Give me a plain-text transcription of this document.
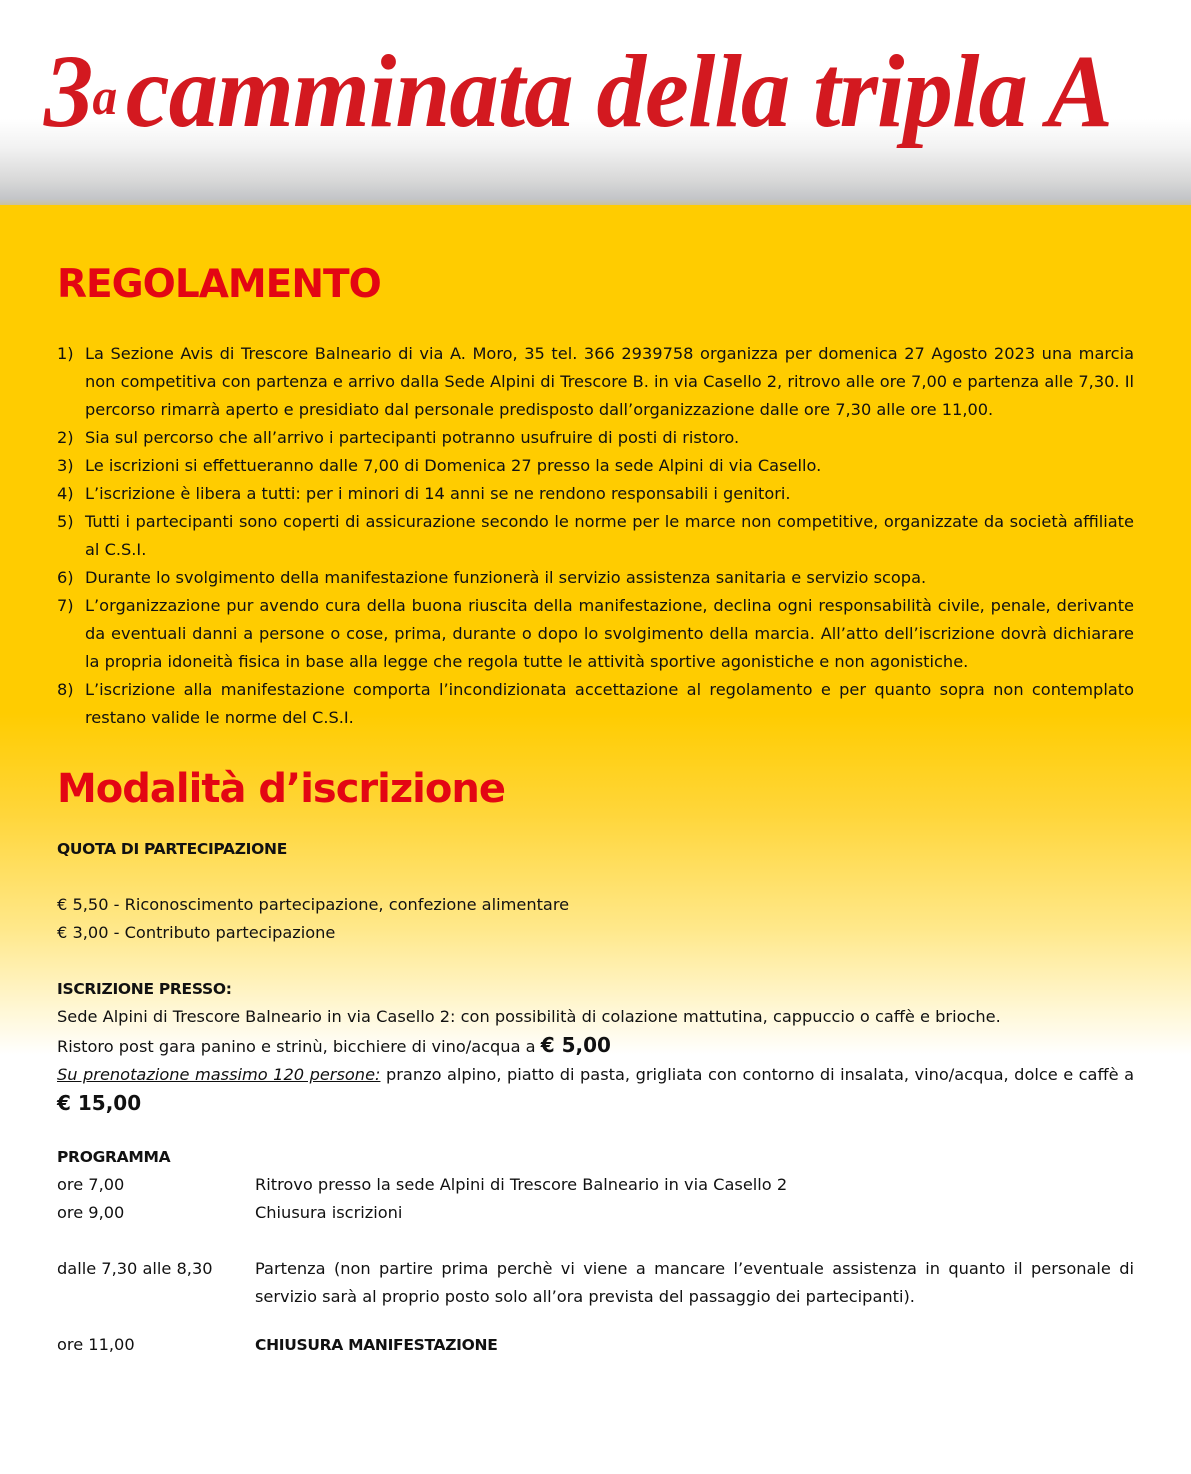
3$^a$camminata della tripla A
REGOLAMENTO
1) La Sezione Avis di Trescore Balneario di via A. Moro, 35 tel. 366 2939758 organizza per domenica 27 Agosto 2023 una marcia non competitiva con partenza e arrivo dalla Sede Alpini di Trescore B. in via Casello 2, ritrovo alle ore 7,00 e partenza alle 7,30. Il percorso rimarrà aperto e presidiato dal personale predisposto dall’organizzazione dalle ore 7,30 alle ore 11,00.
2) Sia sul percorso che all’arrivo i partecipanti potranno usufruire di posti di ristoro.
3) Le iscrizioni si effettueranno dalle 7,00 di Domenica 27 presso la sede Alpini di via Casello.
4) L’iscrizione è libera a tutti: per i minori di 14 anni se ne rendono responsabili i genitori.
5) Tutti i partecipanti sono coperti di assicurazione secondo le norme per le marce non competitive, organizzate da società affiliate al C.S.I.
6) Durante lo svolgimento della manifestazione funzionerà il servizio assistenza sanitaria e servizio scopa.
7) L’organizzazione pur avendo cura della buona riuscita della manifestazione, declina ogni responsabilità civile, penale, derivante da eventuali danni a persone o cose, prima, durante o dopo lo svolgimento della marcia. All’atto dell’iscrizione dovrà dichiarare la propria idoneità fisica in base alla legge che regola tutte le attività sportive agonistiche e non agonistiche.
8) L’iscrizione alla manifestazione comporta l’incondizionata accettazione al regolamento e per quanto sopra non contemplato restano valide le norme del C.S.I.
Modalità d’iscrizione
QUOTA DI PARTECIPAZIONE
€ 5,50 - Riconoscimento partecipazione, confezione alimentare
€ 3,00 - Contributo partecipazione
ISCRIZIONE PRESSO:
Sede Alpini di Trescore Balneario in via Casello 2: con possibilità di colazione mattutina, cappuccio o caffè e brioche.
Ristoro post gara panino e strinù, bicchiere di vino/acqua a € 5,00
Su prenotazione massimo 120 persone: pranzo alpino, piatto di pasta, grigliata con contorno di insalata, vino/acqua, dolce e caffè a € 15,00
PROGRAMMA
ore 7,00	Ritrovo presso la sede Alpini di Trescore Balneario in via Casello 2
ore 9,00	Chiusura iscrizioni
dalle 7,30 alle 8,30	Partenza (non partire prima perchè vi viene a mancare l’eventuale assistenza in quanto il personale di servizio sarà al proprio posto solo all’ora prevista del passaggio dei partecipanti).
ore 11,00	CHIUSURA MANIFESTAZIONE
